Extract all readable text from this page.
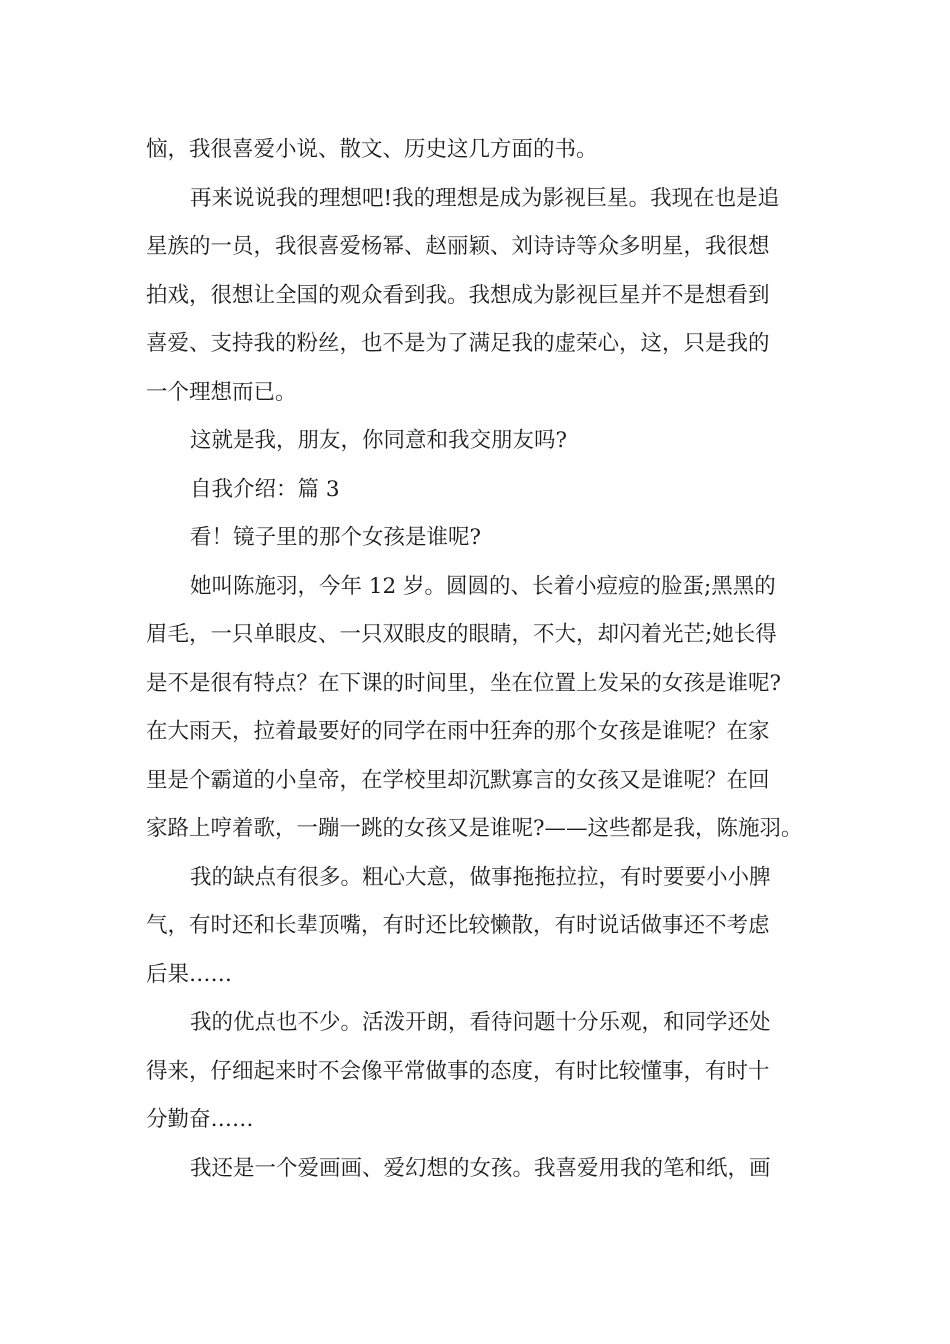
恼，我很喜爱小说、散文、历史这几方面的书。
再来说说我的理想吧!我的理想是成为影视巨星。我现在也是追
星族的一员，我很喜爱杨幂、赵丽颖、刘诗诗等众多明星，我很想
拍戏，很想让全国的观众看到我。我想成为影视巨星并不是想看到
喜爱、支持我的粉丝，也不是为了满足我的虚荣心，这，只是我的
一个理想而已。
这就是我，朋友，你同意和我交朋友吗?
自我介绍：篇 3
看！镜子里的那个女孩是谁呢?
她叫陈施羽，今年 12 岁。圆圆的、长着小痘痘的脸蛋;黑黑的
眉毛，一只单眼皮、一只双眼皮的眼睛，不大，却闪着光芒;她长得
是不是很有特点？在下课的时间里，坐在位置上发呆的女孩是谁呢?
在大雨天，拉着最要好的同学在雨中狂奔的那个女孩是谁呢？在家
里是个霸道的小皇帝，在学校里却沉默寡言的女孩又是谁呢？在回
家路上哼着歌，一蹦一跳的女孩又是谁呢?——这些都是我，陈施羽。
我的缺点有很多。粗心大意，做事拖拖拉拉，有时要要小小脾
气，有时还和长辈顶嘴，有时还比较懒散，有时说话做事还不考虑
后果……
我的优点也不少。活泼开朗，看待问题十分乐观，和同学还处
得来，仔细起来时不会像平常做事的态度，有时比较懂事，有时十
分勤奋……
我还是一个爱画画、爱幻想的女孩。我喜爱用我的笔和纸，画
